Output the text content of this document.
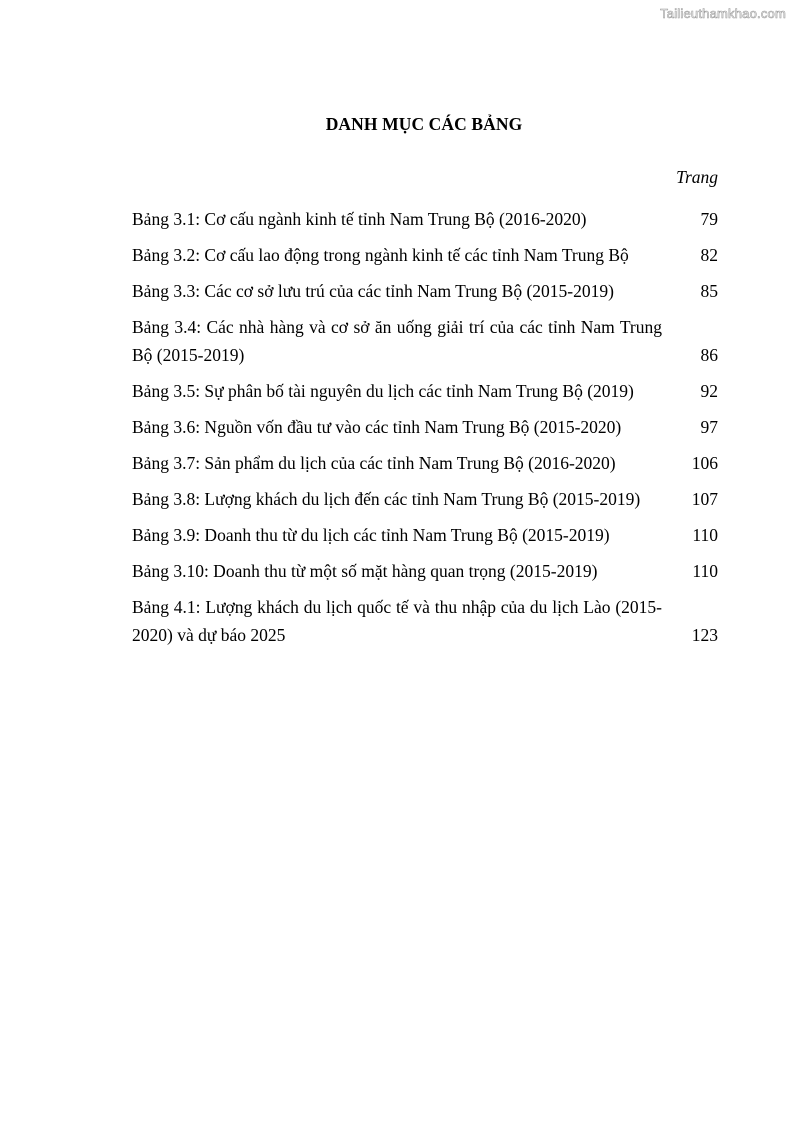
Tailieuthamkhao.com
DANH MỤC CÁC BẢNG
Trang
Bảng 3.1: Cơ cấu ngành kinh tế tỉnh Nam Trung Bộ (2016-2020)	79
Bảng 3.2: Cơ cấu lao động trong ngành kinh tế các tỉnh Nam Trung Bộ	82
Bảng 3.3: Các cơ sở lưu trú của các tỉnh Nam Trung Bộ (2015-2019)	85
Bảng 3.4: Các nhà hàng và cơ sở ăn uống giải trí của các tỉnh Nam Trung Bộ (2015-2019)	86
Bảng 3.5: Sự phân bố tài nguyên du lịch các tỉnh Nam Trung Bộ (2019)	92
Bảng 3.6: Nguồn vốn đầu tư vào các tỉnh Nam Trung Bộ (2015-2020)	97
Bảng 3.7: Sản phẩm du lịch của các tỉnh Nam Trung Bộ (2016-2020)	106
Bảng 3.8: Lượng khách du lịch đến các tỉnh Nam Trung Bộ (2015-2019)	107
Bảng 3.9: Doanh thu từ du lịch các tỉnh Nam Trung Bộ (2015-2019)	110
Bảng 3.10: Doanh thu từ một số mặt hàng quan trọng (2015-2019)	110
Bảng 4.1: Lượng khách du lịch quốc tế và thu nhập của du lịch Lào (2015-2020) và dự báo 2025	123
